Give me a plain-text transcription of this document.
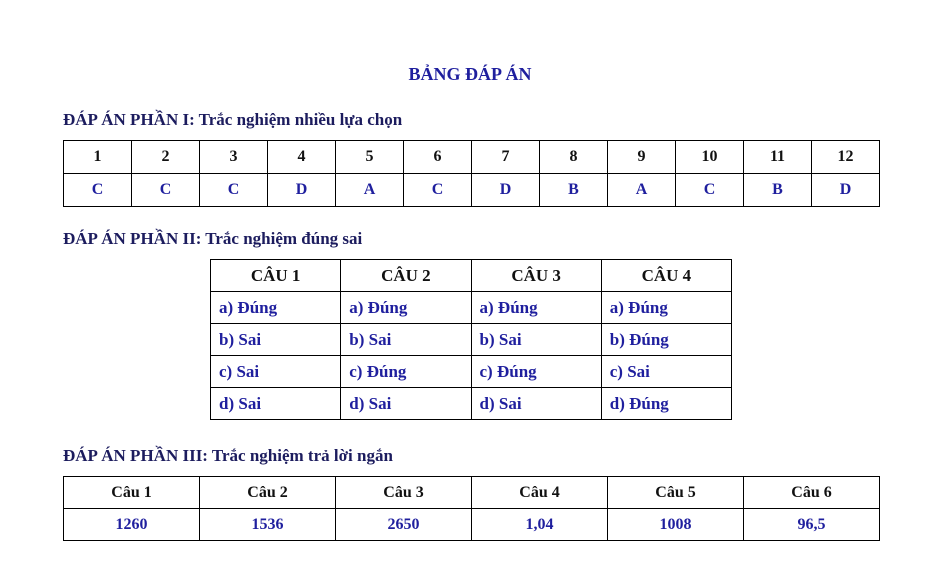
BẢNG ĐÁP ÁN
ĐÁP ÁN PHẦN I: Trắc nghiệm nhiều lựa chọn
1	2	3	4	5	6	7	8	9	10	11	12
C	C	C	D	A	C	D	B	A	C	B	D
ĐÁP ÁN PHẦN II: Trắc nghiệm đúng sai
CÂU 1	CÂU 2	CÂU 3	CÂU 4
a) Đúng	a) Đúng	a) Đúng	a) Đúng
b) Sai	b) Sai	b) Sai	b) Đúng
c) Sai	c) Đúng	c) Đúng	c) Sai
d) Sai	d) Sai	d) Sai	d) Đúng
ĐÁP ÁN PHẦN III: Trắc nghiệm trả lời ngắn
Câu 1	Câu 2	Câu 3	Câu 4	Câu 5	Câu 6
1260	1536	2650	1,04	1008	96,5
